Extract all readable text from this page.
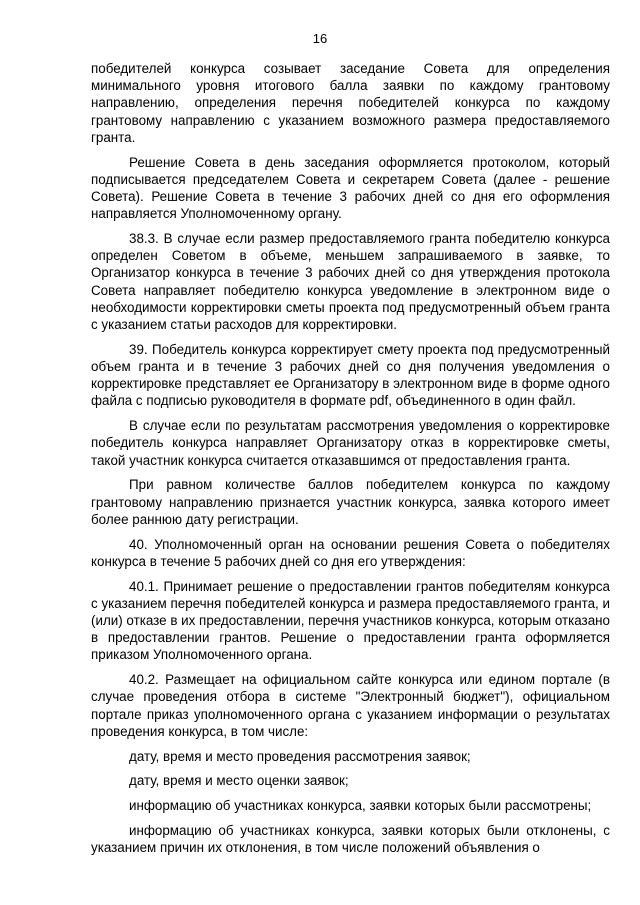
16

победителей конкурса созывает заседание Совета для определения минимального уровня итогового балла заявки по каждому грантовому направлению, определения перечня победителей конкурса по каждому грантовому направлению с указанием возможного размера предоставляемого гранта.

Решение Совета в день заседания оформляется протоколом, который подписывается председателем Совета и секретарем Совета (далее - решение Совета). Решение Совета в течение 3 рабочих дней со дня его оформления направляется Уполномоченному органу.

38.3. В случае если размер предоставляемого гранта победителю конкурса определен Советом в объеме, меньшем запрашиваемого в заявке, то Организатор конкурса в течение 3 рабочих дней со дня утверждения протокола Совета направляет победителю конкурса уведомление в электронном виде о необходимости корректировки сметы проекта под предусмотренный объем гранта с указанием статьи расходов для корректировки.

39. Победитель конкурса корректирует смету проекта под предусмотренный объем гранта и в течение 3 рабочих дней со дня получения уведомления о корректировке представляет ее Организатору в электронном виде в форме одного файла с подписью руководителя в формате pdf, объединенного в один файл.

В случае если по результатам рассмотрения уведомления о корректировке победитель конкурса направляет Организатору отказ в корректировке сметы, такой участник конкурса считается отказавшимся от предоставления гранта.

При равном количестве баллов победителем конкурса по каждому грантовому направлению признается участник конкурса, заявка которого имеет более раннюю дату регистрации.

40. Уполномоченный орган на основании решения Совета о победителях конкурса в течение 5 рабочих дней со дня его утверждения:

40.1. Принимает решение о предоставлении грантов победителям конкурса с указанием перечня победителей конкурса и размера предоставляемого гранта, и (или) отказе в их предоставлении, перечня участников конкурса, которым отказано в предоставлении грантов. Решение о предоставлении гранта оформляется приказом Уполномоченного органа.

40.2. Размещает на официальном сайте конкурса или едином портале (в случае проведения отбора в системе "Электронный бюджет"), официальном портале приказ уполномоченного органа с указанием информации о результатах проведения конкурса, в том числе:

дату, время и место проведения рассмотрения заявок;

дату, время и место оценки заявок;

информацию об участниках конкурса, заявки которых были рассмотрены;

информацию об участниках конкурса, заявки которых были отклонены, с указанием причин их отклонения, в том числе положений объявления о
